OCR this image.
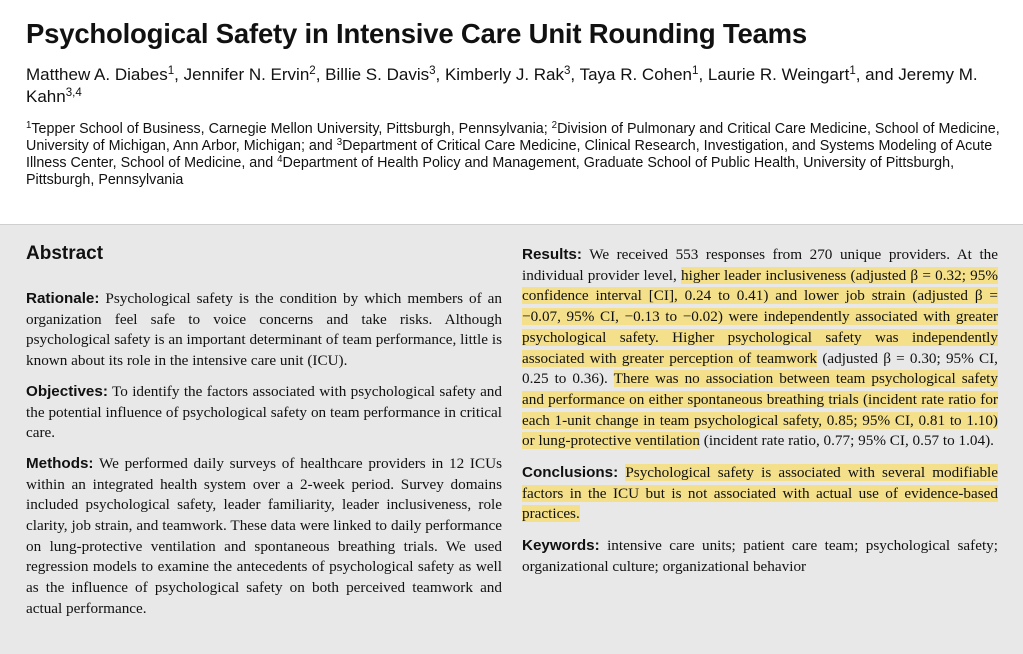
Psychological Safety in Intensive Care Unit Rounding Teams

Matthew A. Diabes$^1$, Jennifer N. Ervin$^2$, Billie S. Davis$^3$, Kimberly J. Rak$^3$, Taya R. Cohen$^1$, Laurie R. Weingart$^1$, and Jeremy M. Kahn$^{3,4}$

$^1$Tepper School of Business, Carnegie Mellon University, Pittsburgh, Pennsylvania; $^2$Division of Pulmonary and Critical Care Medicine, School of Medicine, University of Michigan, Ann Arbor, Michigan; and $^3$Department of Critical Care Medicine, Clinical Research, Investigation, and Systems Modeling of Acute Illness Center, School of Medicine, and $^4$Department of Health Policy and Management, Graduate School of Public Health, University of Pittsburgh, Pittsburgh, Pennsylvania

Abstract

Rationale: Psychological safety is the condition by which members of an organization feel safe to voice concerns and take risks. Although psychological safety is an important determinant of team performance, little is known about its role in the intensive care unit (ICU).

Objectives: To identify the factors associated with psychological safety and the potential influence of psychological safety on team performance in critical care.

Methods: We performed daily surveys of healthcare providers in 12 ICUs within an integrated health system over a 2-week period. Survey domains included psychological safety, leader familiarity, leader inclusiveness, role clarity, job strain, and teamwork. These data were linked to daily performance on lung-protective ventilation and spontaneous breathing trials. We used regression models to examine the antecedents of psychological safety as well as the influence of psychological safety on both perceived teamwork and actual performance.

Results: We received 553 responses from 270 unique providers. At the individual provider level, higher leader inclusiveness (adjusted β = 0.32; 95% confidence interval [CI], 0.24 to 0.41) and lower job strain (adjusted β = −0.07, 95% CI, −0.13 to −0.02) were independently associated with greater psychological safety. Higher psychological safety was independently associated with greater perception of teamwork (adjusted β = 0.30; 95% CI, 0.25 to 0.36). There was no association between team psychological safety and performance on either spontaneous breathing trials (incident rate ratio for each 1-unit change in team psychological safety, 0.85; 95% CI, 0.81 to 1.10) or lung-protective ventilation (incident rate ratio, 0.77; 95% CI, 0.57 to 1.04).

Conclusions: Psychological safety is associated with several modifiable factors in the ICU but is not associated with actual use of evidence-based practices.

Keywords: intensive care units; patient care team; psychological safety; organizational culture; organizational behavior
